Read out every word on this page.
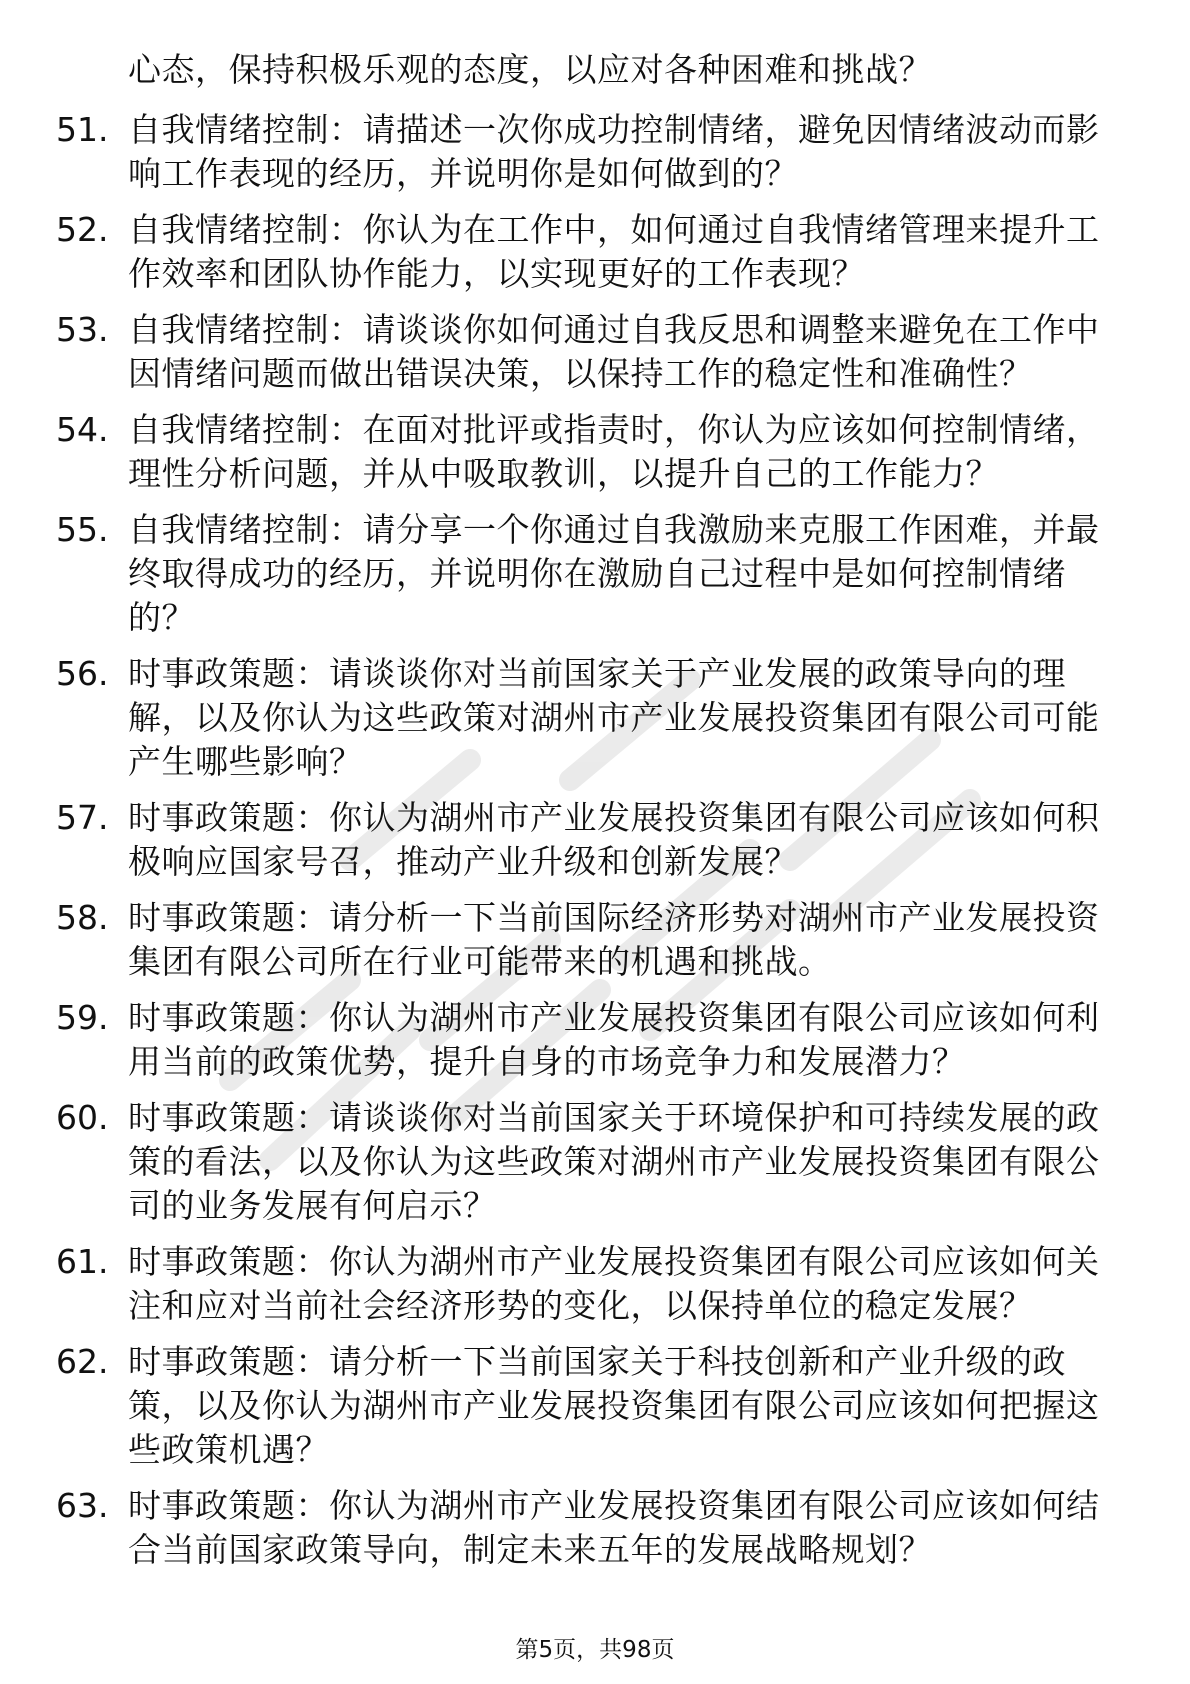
心态，保持积极乐观的态度，以应对各种困难和挑战？
51. 自我情绪控制：请描述一次你成功控制情绪，避免因情绪波动而影响工作表现的经历，并说明你是如何做到的？
52. 自我情绪控制：你认为在工作中，如何通过自我情绪管理来提升工作效率和团队协作能力，以实现更好的工作表现？
53. 自我情绪控制：请谈谈你如何通过自我反思和调整来避免在工作中因情绪问题而做出错误决策，以保持工作的稳定性和准确性？
54. 自我情绪控制：在面对批评或指责时，你认为应该如何控制情绪，理性分析问题，并从中吸取教训，以提升自己的工作能力？
55. 自我情绪控制：请分享一个你通过自我激励来克服工作困难，并最终取得成功的经历，并说明你在激励自己过程中是如何控制情绪的？
56. 时事政策题：请谈谈你对当前国家关于产业发展的政策导向的理解，以及你认为这些政策对湖州市产业发展投资集团有限公司可能产生哪些影响？
57. 时事政策题：你认为湖州市产业发展投资集团有限公司应该如何积极响应国家号召，推动产业升级和创新发展？
58. 时事政策题：请分析一下当前国际经济形势对湖州市产业发展投资集团有限公司所在行业可能带来的机遇和挑战。
59. 时事政策题：你认为湖州市产业发展投资集团有限公司应该如何利用当前的政策优势，提升自身的市场竞争力和发展潜力？
60. 时事政策题：请谈谈你对当前国家关于环境保护和可持续发展的政策的看法，以及你认为这些政策对湖州市产业发展投资集团有限公司的业务发展有何启示？
61. 时事政策题：你认为湖州市产业发展投资集团有限公司应该如何关注和应对当前社会经济形势的变化，以保持单位的稳定发展？
62. 时事政策题：请分析一下当前国家关于科技创新和产业升级的政策，以及你认为湖州市产业发展投资集团有限公司应该如何把握这些政策机遇？
63. 时事政策题：你认为湖州市产业发展投资集团有限公司应该如何结合当前国家政策导向，制定未来五年的发展战略规划？
第5页，共98页
